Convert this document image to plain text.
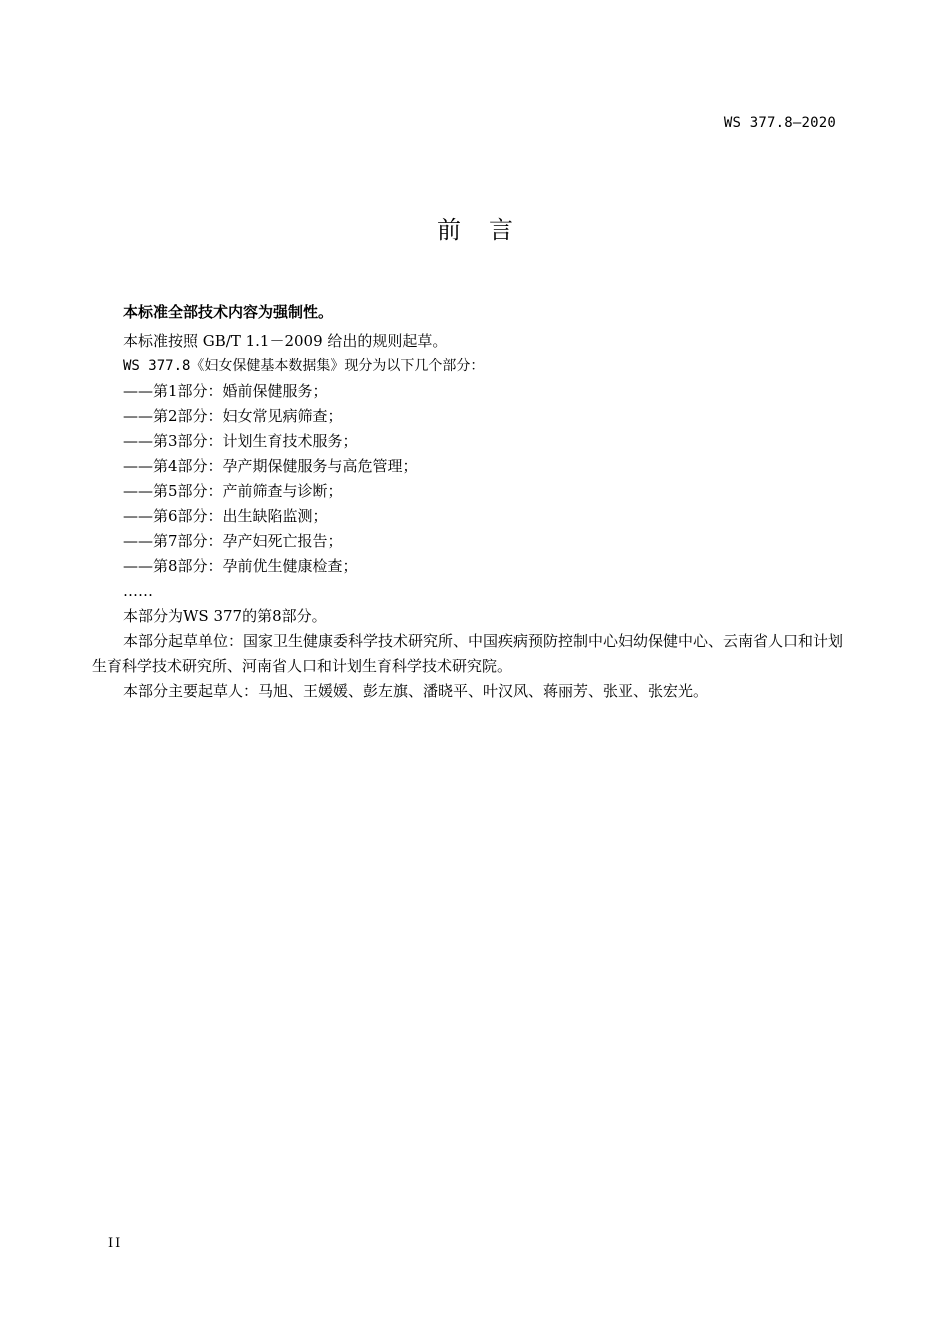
WS 377.8—2020
前言

本标准全部技术内容为强制性。

本标准按照 GB/T 1.1－2009 给出的规则起草。

WS 377.8《妇女保健基本数据集》现分为以下几个部分：

——第1部分：婚前保健服务；
——第2部分：妇女常见病筛查；
——第3部分：计划生育技术服务；
——第4部分：孕产期保健服务与高危管理；
——第5部分：产前筛查与诊断；
——第6部分：出生缺陷监测；
——第7部分：孕产妇死亡报告；
——第8部分：孕前优生健康检查；
……

本部分为WS 377的第8部分。

本部分起草单位：国家卫生健康委科学技术研究所、中国疾病预防控制中心妇幼保健中心、云南省人口和计划生育科学技术研究所、河南省人口和计划生育科学技术研究院。

本部分主要起草人：马旭、王媛媛、彭左旗、潘晓平、叶汉风、蒋丽芳、张亚、张宏光。

II
